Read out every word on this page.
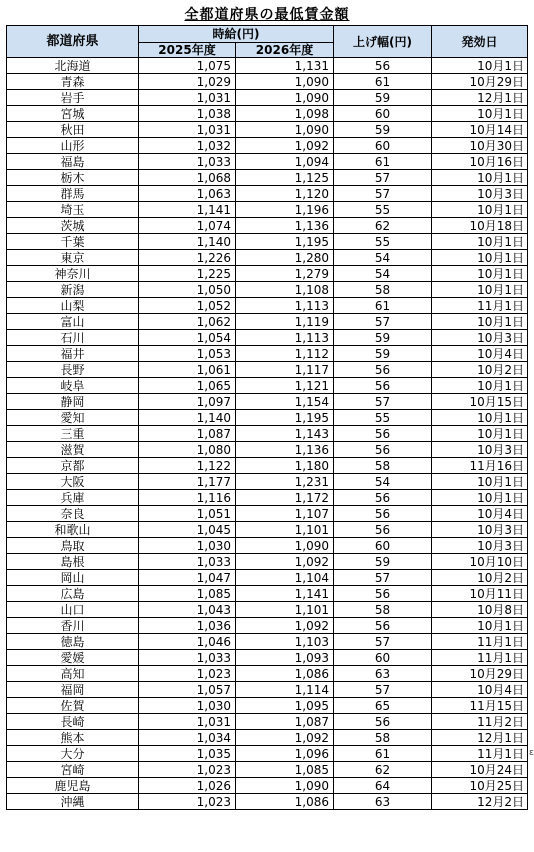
全都道府県の最低賃金額
都道府県	時給(円)		上げ幅(円)	発効日
	2025年度	2026年度		
北海道	1,075	1,131	56	10月1日
青森	1,029	1,090	61	10月29日
岩手	1,031	1,090	59	12月1日
宮城	1,038	1,098	60	10月1日
秋田	1,031	1,090	59	10月14日
山形	1,032	1,092	60	10月30日
福島	1,033	1,094	61	10月16日
栃木	1,068	1,125	57	10月1日
群馬	1,063	1,120	57	10月3日
埼玉	1,141	1,196	55	10月1日
茨城	1,074	1,136	62	10月18日
千葉	1,140	1,195	55	10月1日
東京	1,226	1,280	54	10月1日
神奈川	1,225	1,279	54	10月1日
新潟	1,050	1,108	58	10月1日
山梨	1,052	1,113	61	11月1日
富山	1,062	1,119	57	10月1日
石川	1,054	1,113	59	10月3日
福井	1,053	1,112	59	10月4日
長野	1,061	1,117	56	10月2日
岐阜	1,065	1,121	56	10月1日
静岡	1,097	1,154	57	10月15日
愛知	1,140	1,195	55	10月1日
三重	1,087	1,143	56	10月1日
滋賀	1,080	1,136	56	10月3日
京都	1,122	1,180	58	11月16日
大阪	1,177	1,231	54	10月1日
兵庫	1,116	1,172	56	10月1日
奈良	1,051	1,107	56	10月4日
和歌山	1,045	1,101	56	10月3日
鳥取	1,030	1,090	60	10月3日
島根	1,033	1,092	59	10月10日
岡山	1,047	1,104	57	10月2日
広島	1,085	1,141	56	10月11日
山口	1,043	1,101	58	10月8日
香川	1,036	1,092	56	10月1日
徳島	1,046	1,103	57	11月1日
愛媛	1,033	1,093	60	11月1日
高知	1,023	1,086	63	10月29日
福岡	1,057	1,114	57	10月4日
佐賀	1,030	1,095	65	11月15日
長崎	1,031	1,087	56	11月2日
熊本	1,034	1,092	58	12月1日
大分	1,035	1,096	61	11月1日
宮崎	1,023	1,085	62	10月24日
鹿児島	1,026	1,090	64	10月25日
沖縄	1,023	1,086	63	12月2日
ɛ
